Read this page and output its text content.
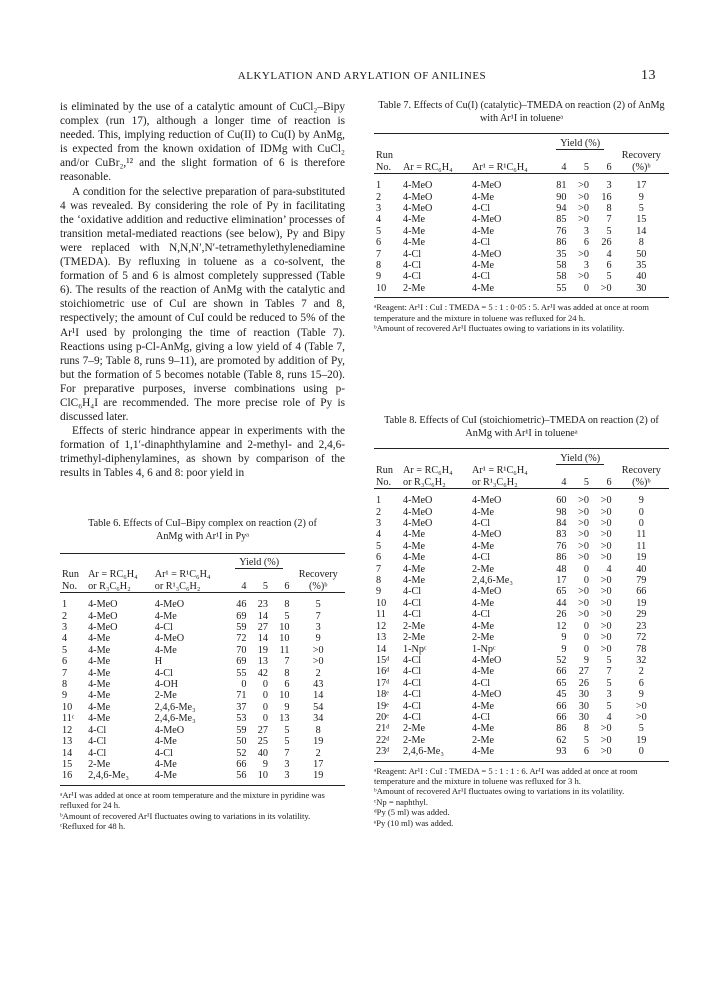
ALKYLATION AND ARYLATION OF ANILINES	13

is eliminated by the use of a catalytic amount of CuCl₂–Bipy complex (run 17), although a longer time of reaction is needed. This, implying reduction of Cu(II) to Cu(I) by AnMg, is expected from the known oxidation of IDMg with CuCl₂ and/or CuBr₂,¹² and the slight formation of 6 is therefore reasonable.

A condition for the selective preparation of para-substituted 4 was revealed. By considering the role of Py in facilitating the ‘oxidative addition and reductive elimination’ processes of transition metal-mediated reactions (see below), Py and Bipy were replaced with N,N,N′,N′-tetramethylethylenediamine (TMEDA). By refluxing in toluene as a co-solvent, the formation of 5 and 6 is almost completely suppressed (Table 6). The results of the reaction of AnMg with the catalytic and stoichiometric use of CuI are shown in Tables 7 and 8, respectively; the amount of CuI could be reduced to 5% of the Ar¹I used by prolonging the time of reaction (Table 7). Reactions using p-Cl-AnMg, giving a low yield of 4 (Table 7, runs 7–9; Table 8, runs 9–11), are promoted by addition of Py, but the formation of 5 becomes notable (Table 8, runs 15–20). For preparative purposes, inverse combinations using p-ClC₆H₄I are recommended. The more precise role of Py is discussed later.

Effects of steric hindrance appear in experiments with the formation of 1,1′-dinaphthylamine and 2-methyl- and 2,4,6-trimethyl-diphenylamines, as shown by comparison of the results in Tables 4, 6 and 8: poor yield in

Table 6. Effects of CuI–Bipy complex on reaction (2) of AnMg with Ar¹I in Pyᵃ
			Yield (%)			
Run	Ar = RC₆H₄	Ar¹ = R¹C₆H₄				Recovery
No.	or R₃C₆H₂	or R¹₃C₆H₂	4	5	6	(%)ᵇ
1	4-MeO	4-MeO	46	23	8	5
2	4-MeO	4-Me	69	14	5	7
3	4-MeO	4-Cl	59	27	10	3
4	4-Me	4-MeO	72	14	10	9
5	4-Me	4-Me	70	19	11	>0
6	4-Me	H	69	13	7	>0
7	4-Me	4-Cl	55	42	8	2
8	4-Me	4-OH	0	0	6	43
9	4-Me	2-Me	71	0	10	14
10	4-Me	2,4,6-Me₃	37	0	9	54
11ᶜ	4-Me	2,4,6-Me₃	53	0	13	34
12	4-Cl	4-MeO	59	27	5	8
13	4-Cl	4-Me	50	25	5	19
14	4-Cl	4-Cl	52	40	7	2
15	2-Me	4-Me	66	9	3	17
16	2,4,6-Me₃	4-Me	56	10	3	19
ᵃAr¹I was added at once at room temperature and the mixture in pyridine was refluxed for 24 h.
ᵇAmount of recovered Ar¹I fluctuates owing to variations in its volatility.
ᶜRefluxed for 48 h.
Table 7. Effects of Cu(I) (catalytic)–TMEDA on reaction (2) of AnMg with Ar¹I in tolueneᵃ
			Yield (%)			
Run						Recovery
No.	Ar = RC₆H₄	Ar¹ = R¹C₆H₄	4	5	6	(%)ᵇ
1	4-MeO	4-MeO	81	>0	3	17
2	4-MeO	4-Me	90	>0	16	9
3	4-MeO	4-Cl	94	>0	8	5
4	4-Me	4-MeO	85	>0	7	15
5	4-Me	4-Me	76	3	5	14
6	4-Me	4-Cl	86	6	26	8
7	4-Cl	4-MeO	35	>0	4	50
8	4-Cl	4-Me	58	3	6	35
9	4-Cl	4-Cl	58	>0	5	40
10	2-Me	4-Me	55	0	>0	30
ᵃReagent: Ar¹I : CuI : TMEDA = 5 : 1 : 0·05 : 5. Ar¹I was added at once at room temperature and the mixture in toluene was refluxed for 24 h.
ᵇAmount of recovered Ar¹I fluctuates owing to variations in its volatility.
Table 8. Effects of CuI (stoichiometric)–TMEDA on reaction (2) of AnMg with Ar¹I in tolueneᵃ
			Yield (%)			
Run	Ar = RC₆H₄	Ar¹ = R¹C₆H₄				Recovery
No.	or R₃C₆H₂	or R¹₃C₆H₂	4	5	6	(%)ᵇ
1	4-MeO	4-MeO	60	>0	>0	9
2	4-MeO	4-Me	98	>0	>0	0
3	4-MeO	4-Cl	84	>0	>0	0
4	4-Me	4-MeO	83	>0	>0	11
5	4-Me	4-Me	76	>0	>0	11
6	4-Me	4-Cl	86	>0	>0	19
7	4-Me	2-Me	48	0	4	40
8	4-Me	2,4,6-Me₃	17	0	>0	79
9	4-Cl	4-MeO	65	>0	>0	66
10	4-Cl	4-Me	44	>0	>0	19
11	4-Cl	4-Cl	26	>0	>0	29
12	2-Me	4-Me	12	0	>0	23
13	2-Me	2-Me	9	0	>0	72
14	1-Npᶜ	1-Npᶜ	9	0	>0	78
15ᵈ	4-Cl	4-MeO	52	9	5	32
16ᵈ	4-Cl	4-Me	66	27	7	2
17ᵈ	4-Cl	4-Cl	65	26	5	6
18ᵉ	4-Cl	4-MeO	45	30	3	9
19ᵉ	4-Cl	4-Me	66	30	5	>0
20ᵉ	4-Cl	4-Cl	66	30	4	>0
21ᵈ	2-Me	4-Me	86	8	>0	5
22ᵈ	2-Me	2-Me	62	5	>0	19
23ᵈ	2,4,6-Me₃	4-Me	93	6	>0	0
ᵃReagent: Ar¹I : CuI : TMEDA = 5 : 1 : 1 : 6. Ar¹I was added at once at room temperature and the mixture in toluene was refluxed for 3 h.
ᵇAmount of recovered Ar¹I fluctuates owing to variations in its volatility.
ᶜNp = naphthyl.
ᵈPy (5 ml) was added.
ᵉPy (10 ml) was added.
